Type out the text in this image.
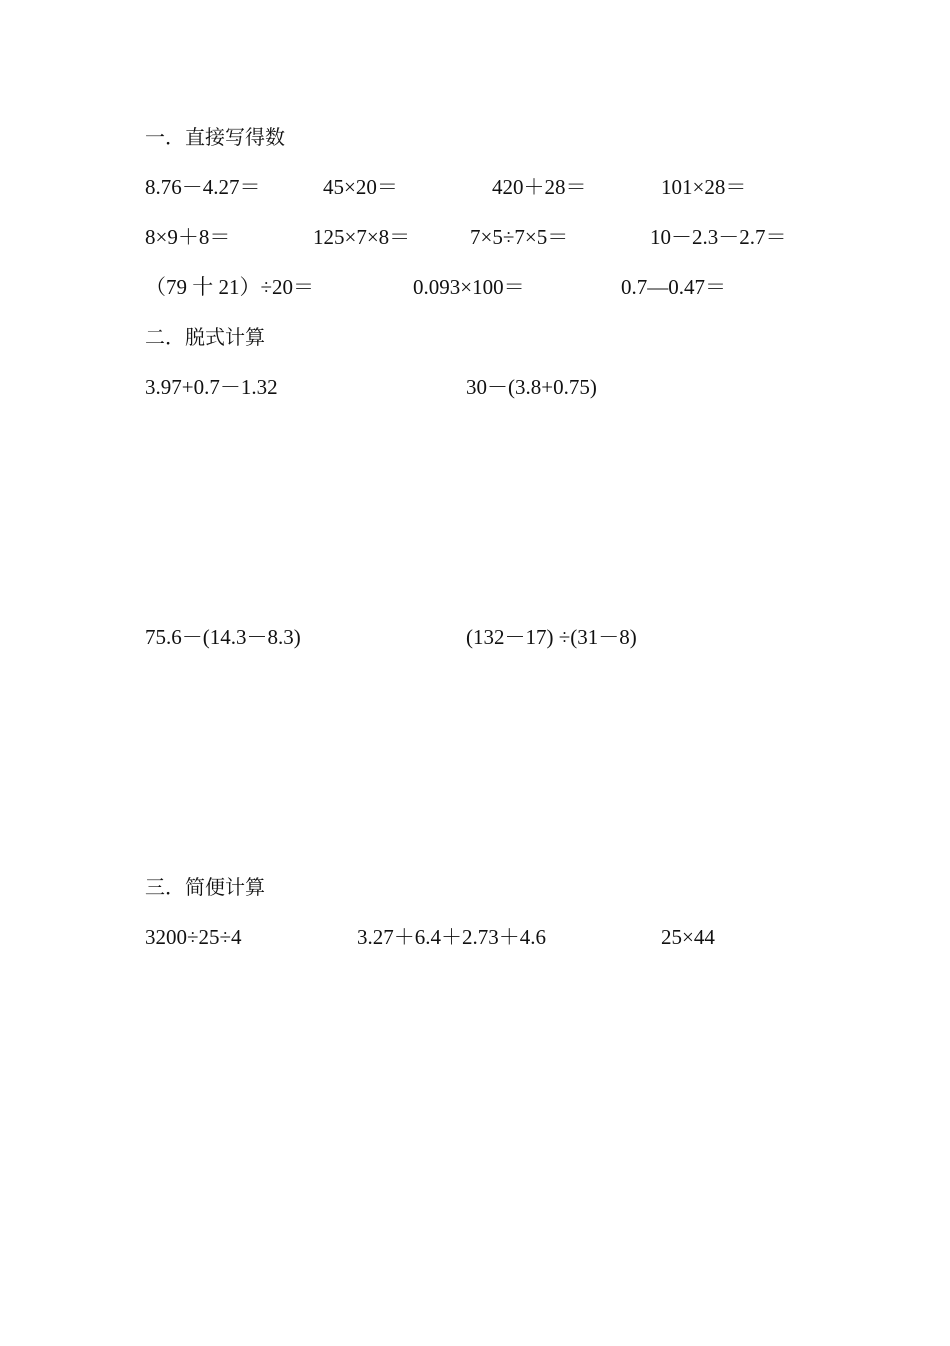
一．直接写得数
8.76－4.27＝	45×20＝	420＋28＝	101×28＝
8×9＋8＝	125×7×8＝	7×5÷7×5＝	10－2.3－2.7＝
（79 十 21）÷20＝	0.093×100＝	0.7—0.47＝
二．脱式计算
3.97+0.7－1.32	30－(3.8+0.75)
75.6－(14.3－8.3)	(132－17) ÷(31－8)
三．简便计算
3200÷25÷4	3.27＋6.4＋2.73＋4.6	25×44
